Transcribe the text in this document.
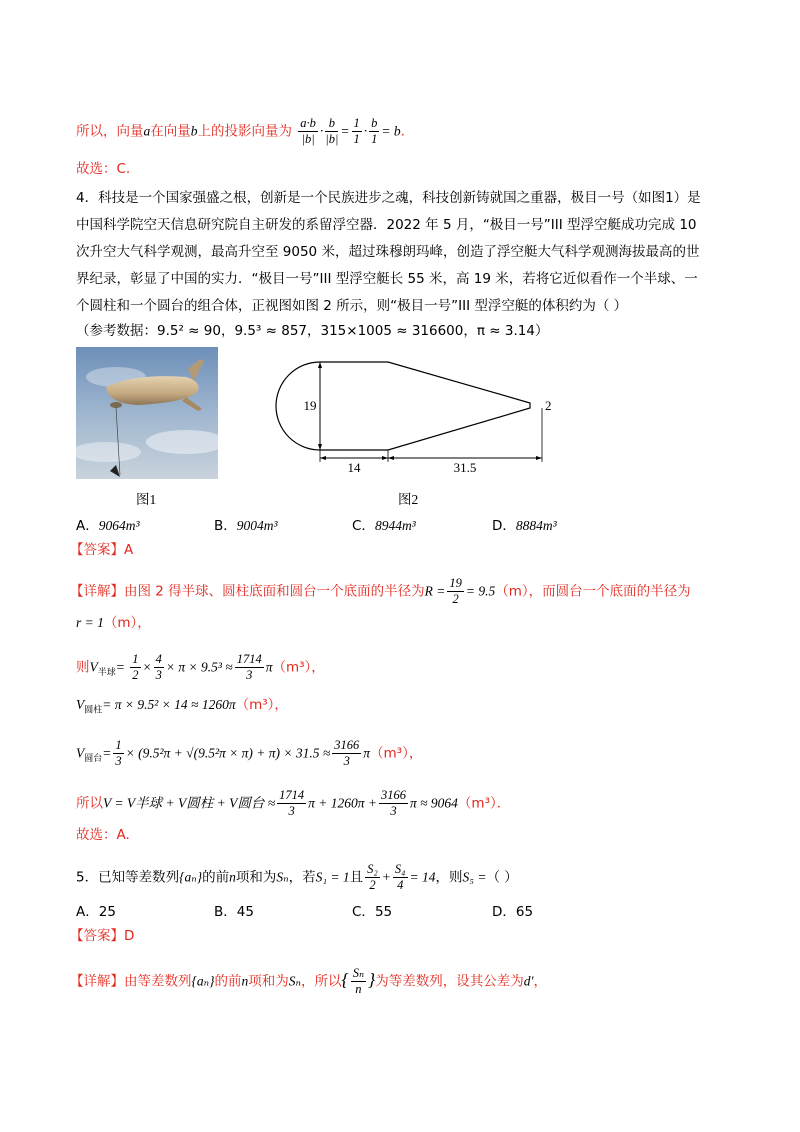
所以，向量a在向量b上的投影向量为 $\frac{a\cdot b}{|b|} \cdot \frac{b}{|b|} = \frac{1}{1} \cdot \frac{b}{1} = b$.
故选：C.
4．科技是一个国家强盛之根，创新是一个民族进步之魂，科技创新铸就国之重器，极目一号（如图1）是
中国科学院空天信息研究院自主研发的系留浮空器．2022 年 5 月，“极目一号”III 型浮空艇成功完成 10
次升空大气科学观测，最高升空至 9050 米，超过珠穆朗玛峰，创造了浮空艇大气科学观测海拔最高的世
界纪录，彰显了中国的实力．“极目一号”III 型浮空艇长 55 米，高 19 米，若将它近似看作一个半球、一
个圆柱和一个圆台的组合体，正视图如图 2 所示，则“极目一号”III 型浮空艇的体积约为（ ）
（参考数据：9.5² ≈ 90，9.5³ ≈ 857，315×1005 ≈ 316600，π ≈ 3.14）
图1
19
14	31.5
2
图2
A．9064m³	B．9004m³	C．8944m³	D．8884m³
【答案】A
【详解】由图 2 得半球、圆柱底面和圆台一个底面的半径为$R = \frac{19}{2} = 9.5(m)$，而圆台一个底面的半径为
r = 1（m），
则$V_{半球}= \frac{1}{2} \times \frac{4}{3} \times \pi \times 9.5^3 \approx \frac{1714}{3} \pi(m^3)$，
$V_{圆柱}= \pi \times 9.5^2 \times 14 \approx 1260\pi(m^3)$，
$V_{圆台}= \frac{1}{3} \times (9.5^2\pi + √(9.5^2\pi \times \pi) + \pi) \times 31.5 \approx \frac{3166}{3} \pi(m^3)$，
所以V = V半球 + V圆柱 + V圆台 ≈ $\frac{1714}{3}$ $\pi + 1260\pi + \frac{3166}{3}$ π ≈ 9064（m³）．
故选：A.
5．已知等差数列{aₙ}的前n项和为Sₙ，若S₁ = 1且 $\frac{\text{S₂}}{2} + \frac{\text{S₄}}{4} = 14$，则S₅ =（ ）
A．25	B．45	C．55	D．65
【答案】D
【详解】由等差数列{aₙ}的前n项和为Sₙ，所以{ $\frac{\text{Sₙ}}{n}$ }为等差数列，设其公差为d′，
